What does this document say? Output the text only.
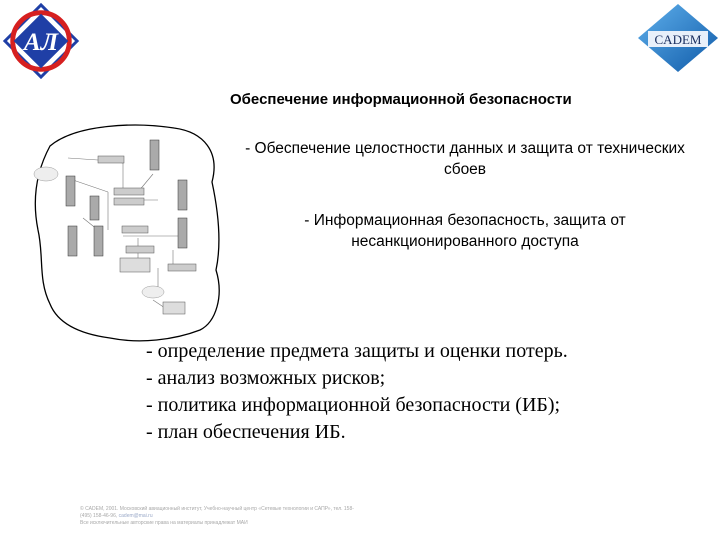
АЛ	CADEM
Обеспечение информационной безопасности
- Обеспечение целостности данных и защита от технических сбоев
- Информационная безопасность, защита от несанкционированного доступа
- определение предмета защиты и оценки потерь.
- анализ возможных рисков;
- политика информационной безопасности (ИБ);
- план обеспечения ИБ.
© CADEM, 2001. Московский авиационный институт, Учебно-научный центр «Сетевые технологии и САПР», тел. 158-
(495) 158-46-96, cadem@mai.ru
Все исключительные авторские права на материалы принадлежат МАИ
